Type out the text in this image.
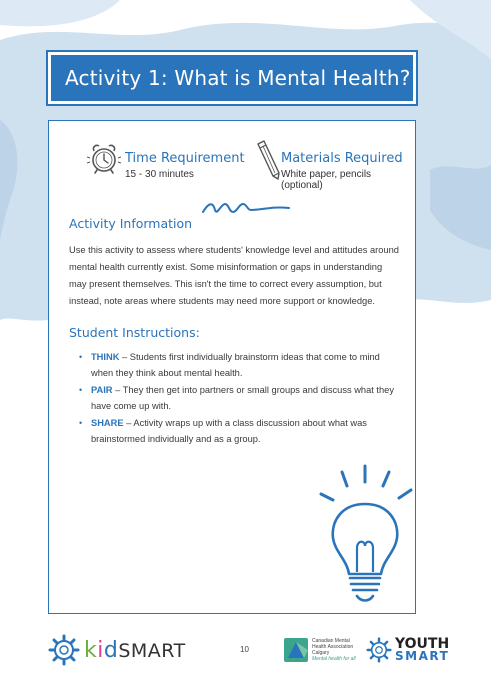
Activity 1: What is Mental Health?
Time Requirement
15 - 30 minutes
Materials Required
White paper, pencils (optional)
Activity Information

Use this activity to assess where students' knowledge level and attitudes around mental health currently exist. Some misinformation or gaps in understanding may present themselves. This isn't the time to correct every assumption, but instead, note areas where students may need more support or knowledge.

Student Instructions:
• THINK – Students first individually brainstorm ideas that come to mind when they think about mental health.
• PAIR – They then get into partners or small groups and discuss what they have come up with.
• SHARE – Activity wraps up with a class discussion about what was brainstormed individually and as a group.
kidSMART	10
Canadian Mental
Health Association
Calgary
Mental health for all
YOUTH
SMART
